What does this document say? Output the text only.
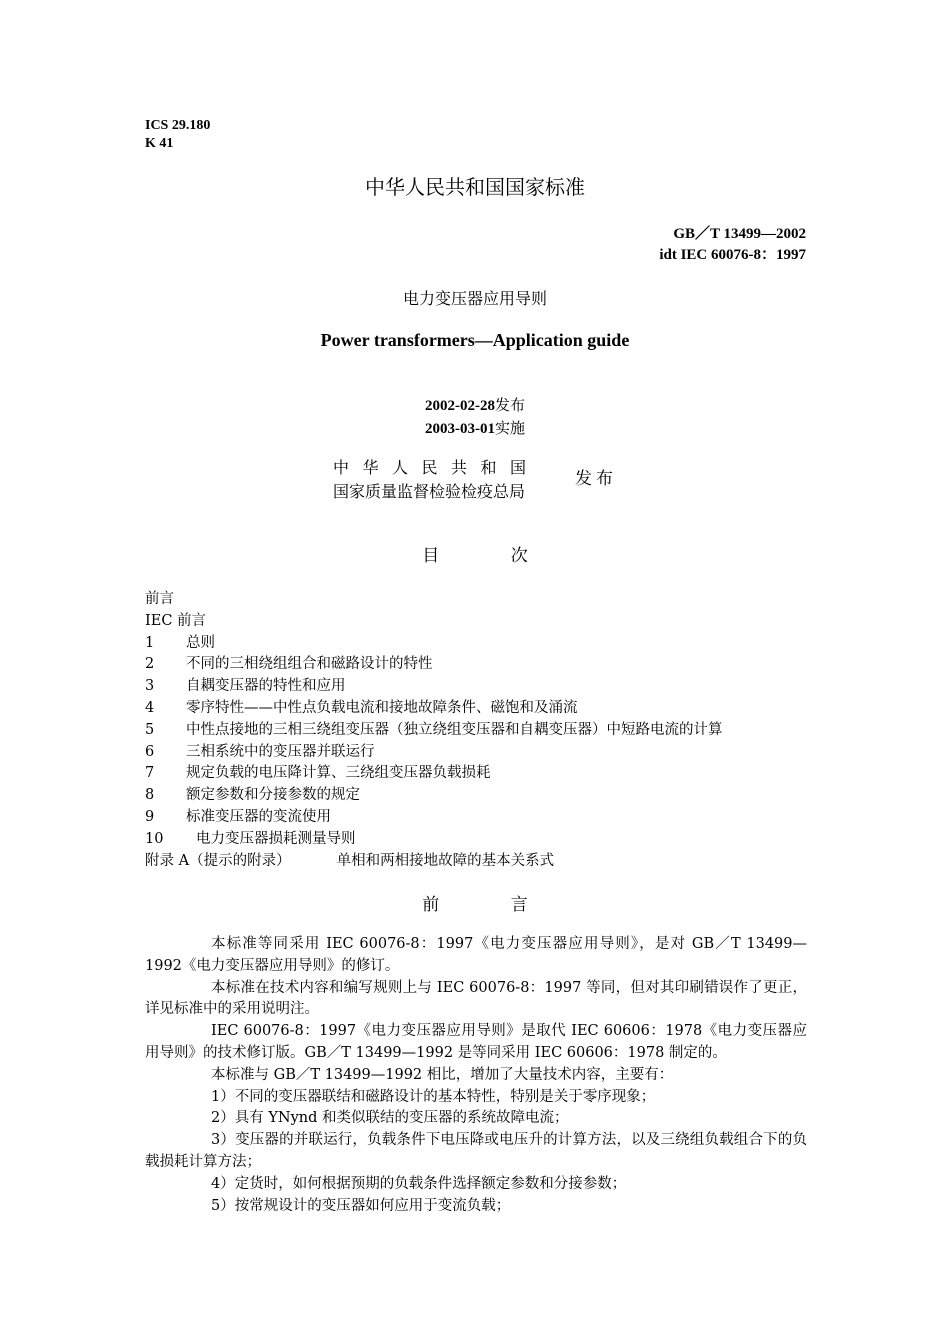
ICS 29.180
K 41
中华人民共和国国家标准
GB／T 13499—2002
idt IEC 60076-8：1997
电力变压器应用导则
Power transformers—Application guide
2002-02-28发布
2003-03-01实施
中华人民共和国
国家质量监督检验检疫总局
发布
目 次
前言
IEC 前言
1	总则
2	不同的三相绕组组合和磁路设计的特性
3	自耦变压器的特性和应用
4	零序特性——中性点负载电流和接地故障条件、磁饱和及涌流
5	中性点接地的三相三绕组变压器（独立绕组变压器和自耦变压器）中短路电流的计算
6	三相系统中的变压器并联运行
7	规定负载的电压降计算、三绕组变压器负载损耗
8	额定参数和分接参数的规定
9	标准变压器的变流使用
10	电力变压器损耗测量导则
附录 A（提示的附录）	单相和两相接地故障的基本关系式
前 言

本标准等同采用 IEC 60076-8：1997《电力变压器应用导则》，是对 GB／T 13499—1992《电力变压器应用导则》的修订。

本标准在技术内容和编写规则上与 IEC 60076-8：1997 等同，但对其印刷错误作了更正，详见标准中的采用说明注。

IEC 60076-8：1997《电力变压器应用导则》是取代 IEC 60606：1978《电力变压器应用导则》的技术修订版。GB／T 13499—1992 是等同采用 IEC 60606：1978 制定的。

本标准与 GB／T 13499—1992 相比，增加了大量技术内容，主要有：

1）不同的变压器联结和磁路设计的基本特性，特别是关于零序现象；

2）具有 YNynd 和类似联结的变压器的系统故障电流；

3）变压器的并联运行，负载条件下电压降或电压升的计算方法，以及三绕组负载组合下的负载损耗计算方法；

4）定货时，如何根据预期的负载条件选择额定参数和分接参数；

5）按常规设计的变压器如何应用于变流负载；
